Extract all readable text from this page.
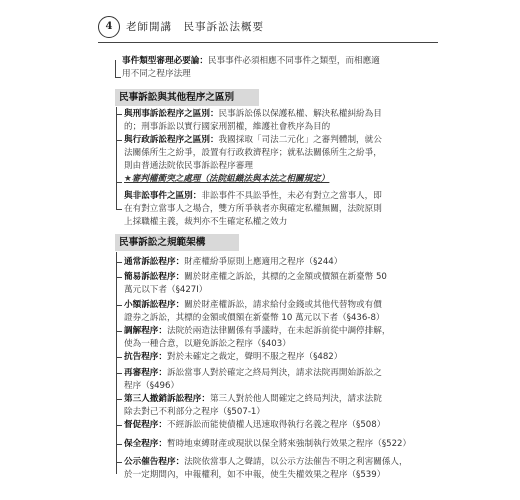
4	老師開講　民事訴訟法概要
事件類型審理必要論：民事事件必須相應不同事件之類型，而相應適
用不同之程序法理
民事訴訟與其他程序之區別
與刑事訴訟程序之區別：民事訴訟係以保護私權、解決私權糾紛為目
的；刑事訴訟以實行國家刑罰權，維護社會秩序為目的
與行政訴訟程序之區別：我國採取「司法二元化」之審判體制，就公
法關係所生之紛爭，設置有行政救濟程序；就私法關係所生之紛爭，
則由普通法院依民事訴訟程序審理
★審判權衝突之處理（法院組織法與本法之相關規定）
與非訟事件之區別：非訟事件不具訟爭性，未必有對立之當事人，即
在有對立當事人之場合，雙方所爭執者亦與確定私權無關，法院原則
上採職權主義，裁判亦不生確定私權之效力
民事訴訟之規範架構
通常訴訟程序：財產權紛爭原則上應適用之程序（§244）
簡易訴訟程序：關於財產權之訴訟，其標的之金額或價額在新臺幣 50
萬元以下者（§427Ⅰ）
小額訴訟程序：關於財產權訴訟，請求給付金錢或其他代替物或有價
證券之訴訟，其標的金額或價額在新臺幣 10 萬元以下者（§436-8）
調解程序：法院於兩造法律關係有爭議時，在未起訴前從中調停排解，
使為一種合意，以避免訴訟之程序（§403）
抗告程序：對於未確定之裁定，聲明不服之程序（§482）
再審程序：訴訟當事人對於確定之終局判決，請求法院再開始訴訟之
程序（§496）
第三人撤銷訴訟程序：第三人對於他人間確定之終局判決，請求法院
除去對己不利部分之程序（§507-1）
督促程序：不經訴訟而能使債權人迅速取得執行名義之程序（§508）
保全程序：暫時地束縛財產或現狀以保全將來強制執行效果之程序（§522）
公示催告程序：法院依當事人之聲請，以公示方法催告不明之利害關係人，
於一定期間內，申報權利，如不申報，使生失權效果之程序（§539）
